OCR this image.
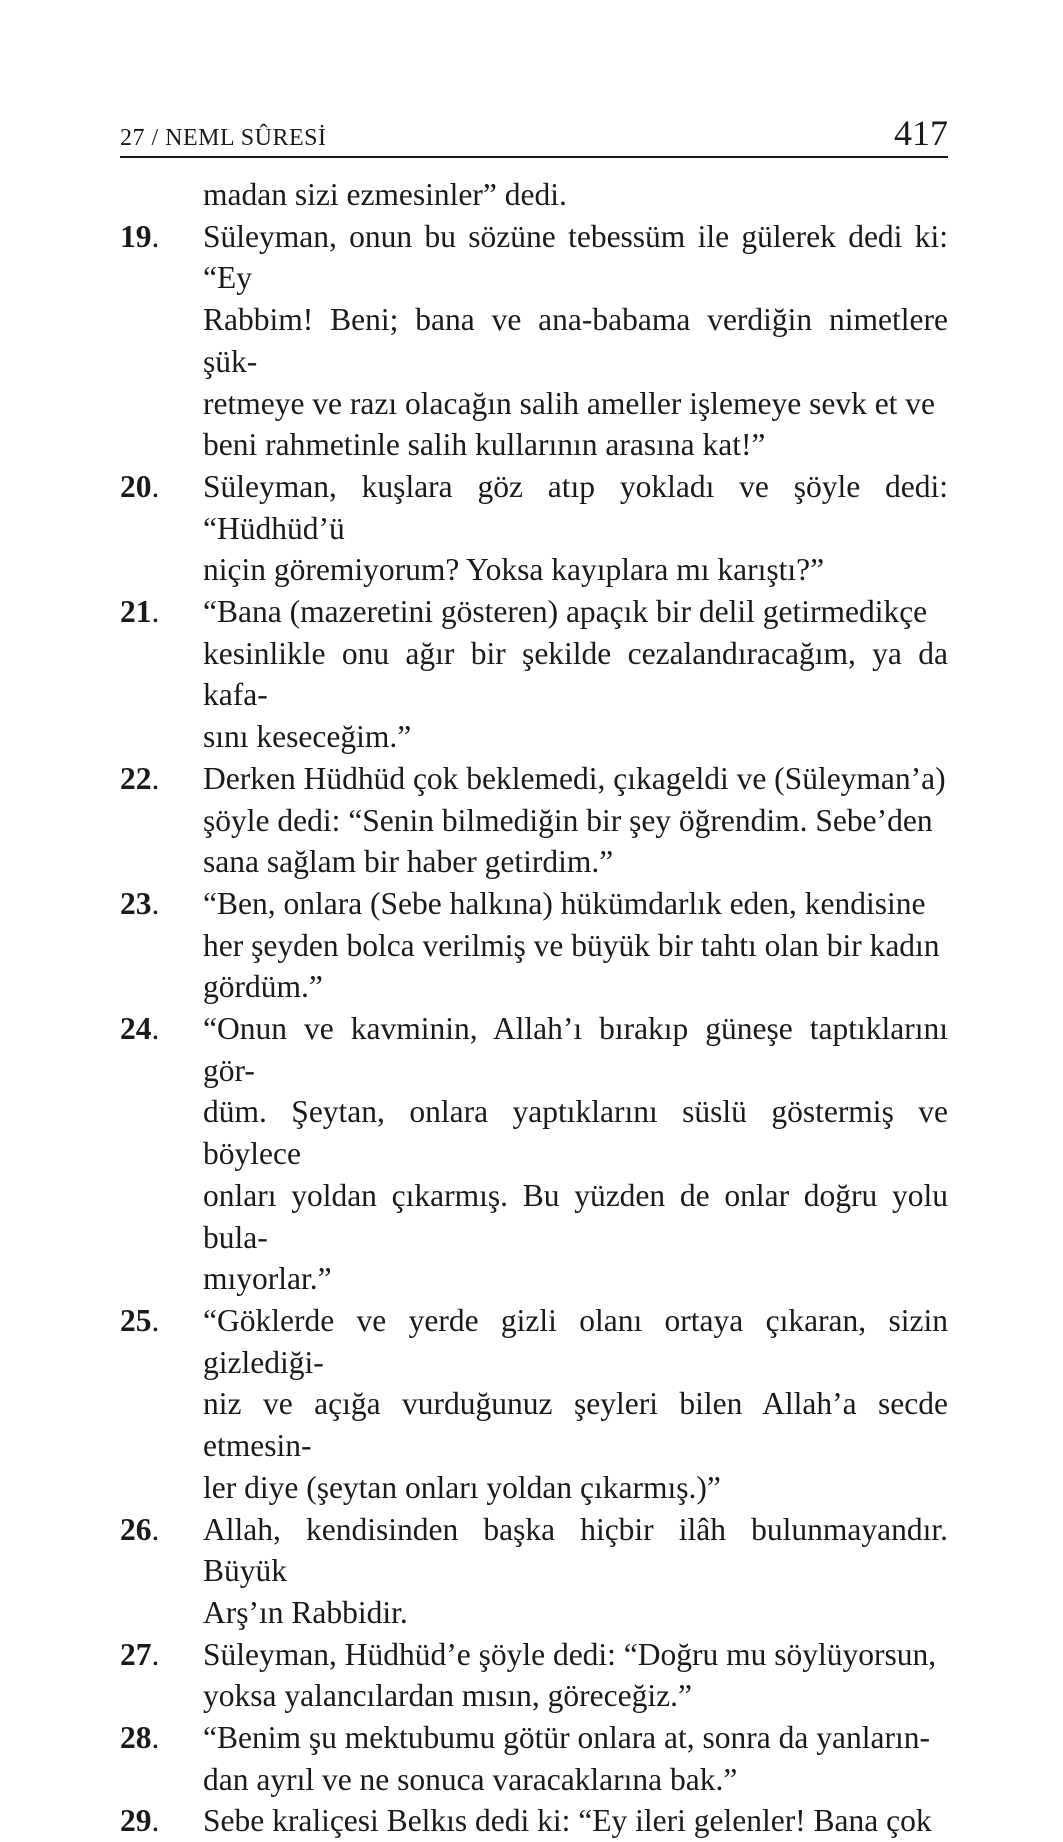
27 / NEML SÛRESİ	417
madan sizi ezmesinler” dedi.
19.	Süleyman, onun bu sözüne tebessüm ile gülerek dedi ki: “Ey
Rabbim! Beni; bana ve ana-babama verdiğin nimetlere şük-
retmeye ve razı olacağın salih ameller işlemeye sevk et ve
beni rahmetinle salih kullarının arasına kat!”
20.	Süleyman, kuşlara göz atıp yokladı ve şöyle dedi: “Hüdhüd’ü
niçin göremiyorum? Yoksa kayıplara mı karıştı?”
21.	“Bana (mazeretini gösteren) apaçık bir delil getirmedikçe
kesinlikle onu ağır bir şekilde cezalandıracağım, ya da kafa-
sını keseceğim.”
22.	Derken Hüdhüd çok beklemedi, çıkageldi ve (Süleyman’a)
şöyle dedi: “Senin bilmediğin bir şey öğrendim. Sebe’den
sana sağlam bir haber getirdim.”
23.	“Ben, onlara (Sebe halkına) hükümdarlık eden, kendisine
her şeyden bolca verilmiş ve büyük bir tahtı olan bir kadın
gördüm.”
24.	“Onun ve kavminin, Allah’ı bırakıp güneşe taptıklarını gör-
düm. Şeytan, onlara yaptıklarını süslü göstermiş ve böylece
onları yoldan çıkarmış. Bu yüzden de onlar doğru yolu bula-
mıyorlar.”
25.	“Göklerde ve yerde gizli olanı ortaya çıkaran, sizin gizlediği-
niz ve açığa vurduğunuz şeyleri bilen Allah’a secde etmesin-
ler diye (şeytan onları yoldan çıkarmış.)”
26.	Allah, kendisinden başka hiçbir ilâh bulunmayandır. Büyük
Arş’ın Rabbidir.
27.	Süleyman, Hüdhüd’e şöyle dedi: “Doğru mu söylüyorsun,
yoksa yalancılardan mısın, göreceğiz.”
28.	“Benim şu mektubumu götür onlara at, sonra da yanların-
dan ayrıl ve ne sonuca varacaklarına bak.”
29.	Sebe kraliçesi Belkıs dedi ki: “Ey ileri gelenler! Bana çok
